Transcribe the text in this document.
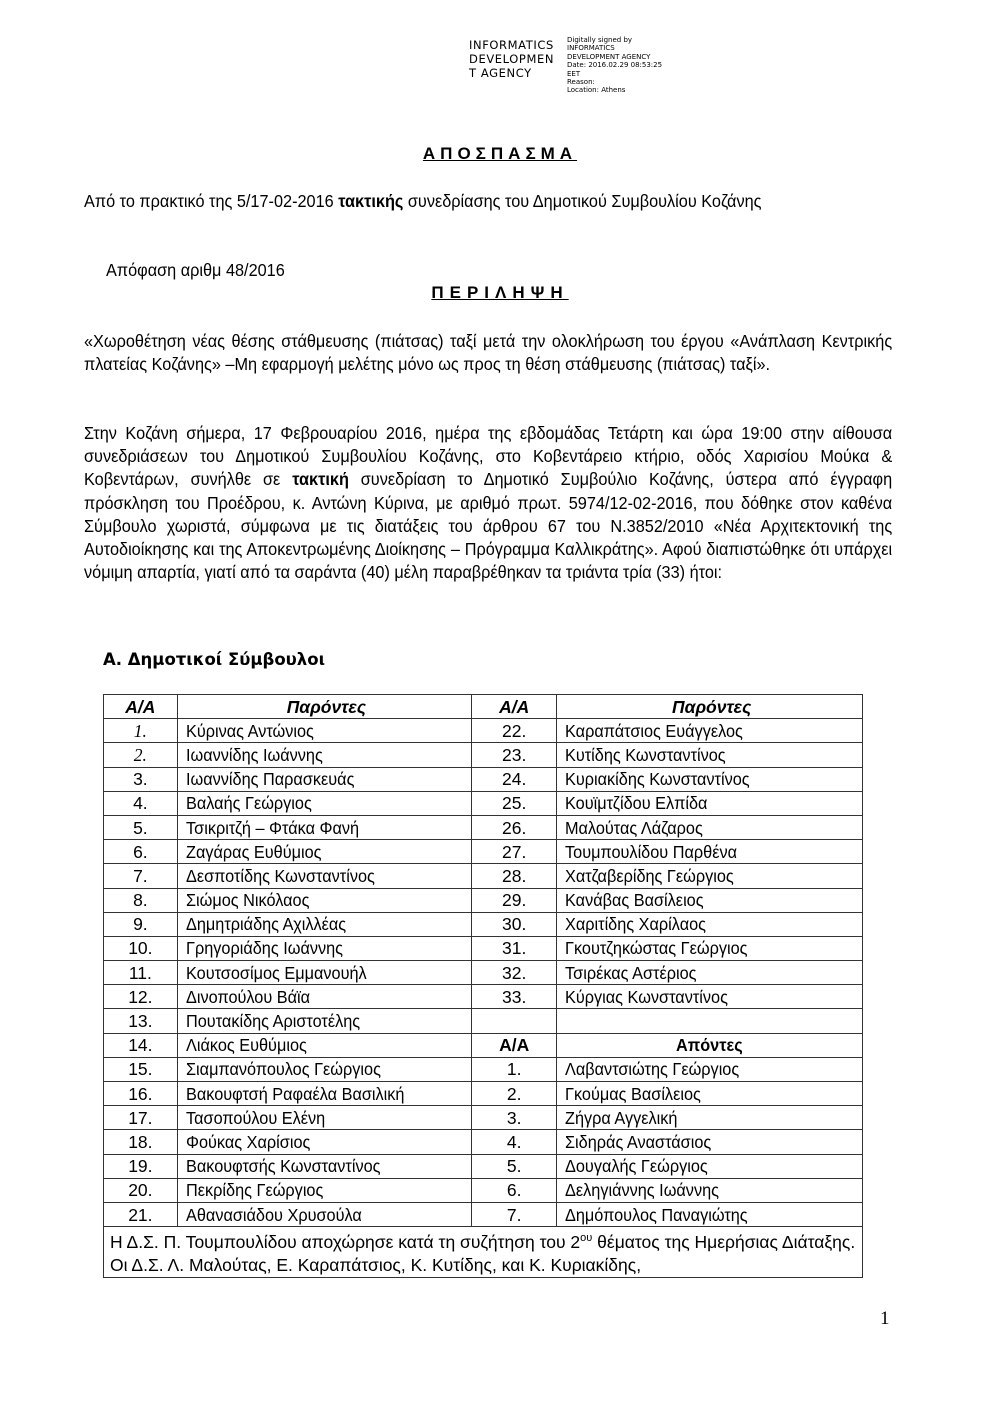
INFORMATICS
DEVELOPMEN
T AGENCY
Digitally signed by
INFORMATICS
DEVELOPMENT AGENCY
Date: 2016.02.29 08:53:25
EET
Reason:
Location: Athens
ΑΠΟΣΠΑΣΜΑ
Από το πρακτικό της 5/17-02-2016 τακτικής συνεδρίασης του Δημοτικού Συμβουλίου Κοζάνης
Απόφαση αριθμ 48/2016
ΠΕΡΙΛΗΨΗ
«Χωροθέτηση νέας θέσης στάθμευσης (πιάτσας) ταξί μετά την ολοκλήρωση του έργου «Ανάπλαση Κεντρικής πλατείας Κοζάνης» –Μη εφαρμογή μελέτης μόνο ως προς τη θέση στάθμευσης (πιάτσας) ταξί».
Στην Κοζάνη σήμερα, 17 Φεβρουαρίου 2016, ημέρα της εβδομάδας Τετάρτη και ώρα 19:00 στην αίθουσα συνεδριάσεων του Δημοτικού Συμβουλίου Κοζάνης, στο Κοβεντάρειο κτήριο, οδός Χαρισίου Μούκα & Κοβεντάρων, συνήλθε σε τακτική συνεδρίαση το Δημοτικό Συμβούλιο Κοζάνης, ύστερα από έγγραφη πρόσκληση του Προέδρου, κ. Αντώνη Κύρινα, με αριθμό πρωτ. 5974/12-02-2016, που δόθηκε στον καθένα Σύμβουλο χωριστά, σύμφωνα με τις διατάξεις του άρθρου 67 του Ν.3852/2010 «Νέα Αρχιτεκτονική της Αυτοδιοίκησης και της Αποκεντρωμένης Διοίκησης – Πρόγραμμα Καλλικράτης». Αφού διαπιστώθηκε ότι υπάρχει νόμιμη απαρτία, γιατί από τα σαράντα (40) μέλη παραβρέθηκαν τα τριάντα τρία (33) ήτοι:
Α. Δημοτικοί Σύμβουλοι
Α/Α	Παρόντες	Α/Α	Παρόντες
1.	Κύρινας Αντώνιος	22.	Καραπάτσιος Ευάγγελος
2.	Ιωαννίδης Ιωάννης	23.	Κυτίδης Κωνσταντίνος
3.	Ιωαννίδης Παρασκευάς	24.	Κυριακίδης Κωνσταντίνος
4.	Βαλαής Γεώργιος	25.	Κουϊμτζίδου Ελπίδα
5.	Τσικριτζή – Φτάκα Φανή	26.	Μαλούτας Λάζαρος
6.	Ζαγάρας Ευθύμιος	27.	Τουμπουλίδου Παρθένα
7.	Δεσποτίδης Κωνσταντίνος	28.	Χατζαβερίδης Γεώργιος
8.	Σιώμος Νικόλαος	29.	Κανάβας Βασίλειος
9.	Δημητριάδης Αχιλλέας	30.	Χαριτίδης Χαρίλαος
10.	Γρηγοριάδης Ιωάννης	31.	Γκουτζηκώστας Γεώργιος
11.	Κουτσοσίμος Εμμανουήλ	32.	Τσιρέκας Αστέριος
12.	Δινοπούλου Βάϊα	33.	Κύργιας Κωνσταντίνος
13.	Πουτακίδης Αριστοτέλης		
14.	Λιάκος Ευθύμιος	Α/Α	Απόντες
15.	Σιαμπανόπουλος Γεώργιος	1.	Λαβαντσιώτης Γεώργιος
16.	Βακουφτσή Ραφαέλα Βασιλική	2.	Γκούμας Βασίλειος
17.	Τασοπούλου Ελένη	3.	Ζήγρα Αγγελική
18.	Φούκας Χαρίσιος	4.	Σιδηράς Αναστάσιος
19.	Βακουφτσής Κωνσταντίνος	5.	Δουγαλής Γεώργιος
20.	Πεκρίδης Γεώργιος	6.	Δεληγιάννης Ιωάννης
21.	Αθανασιάδου Χρυσούλα	7.	Δημόπουλος Παναγιώτης
Η Δ.Σ. Π. Τουμπουλίδου αποχώρησε κατά τη συζήτηση του $2^{o\upsilon}$ θέματος της Ημερήσιας Διάταξης.
Οι Δ.Σ. Λ. Μαλούτας, Ε. Καραπάτσιος, Κ. Κυτίδης, και Κ. Κυριακίδης,			
1
